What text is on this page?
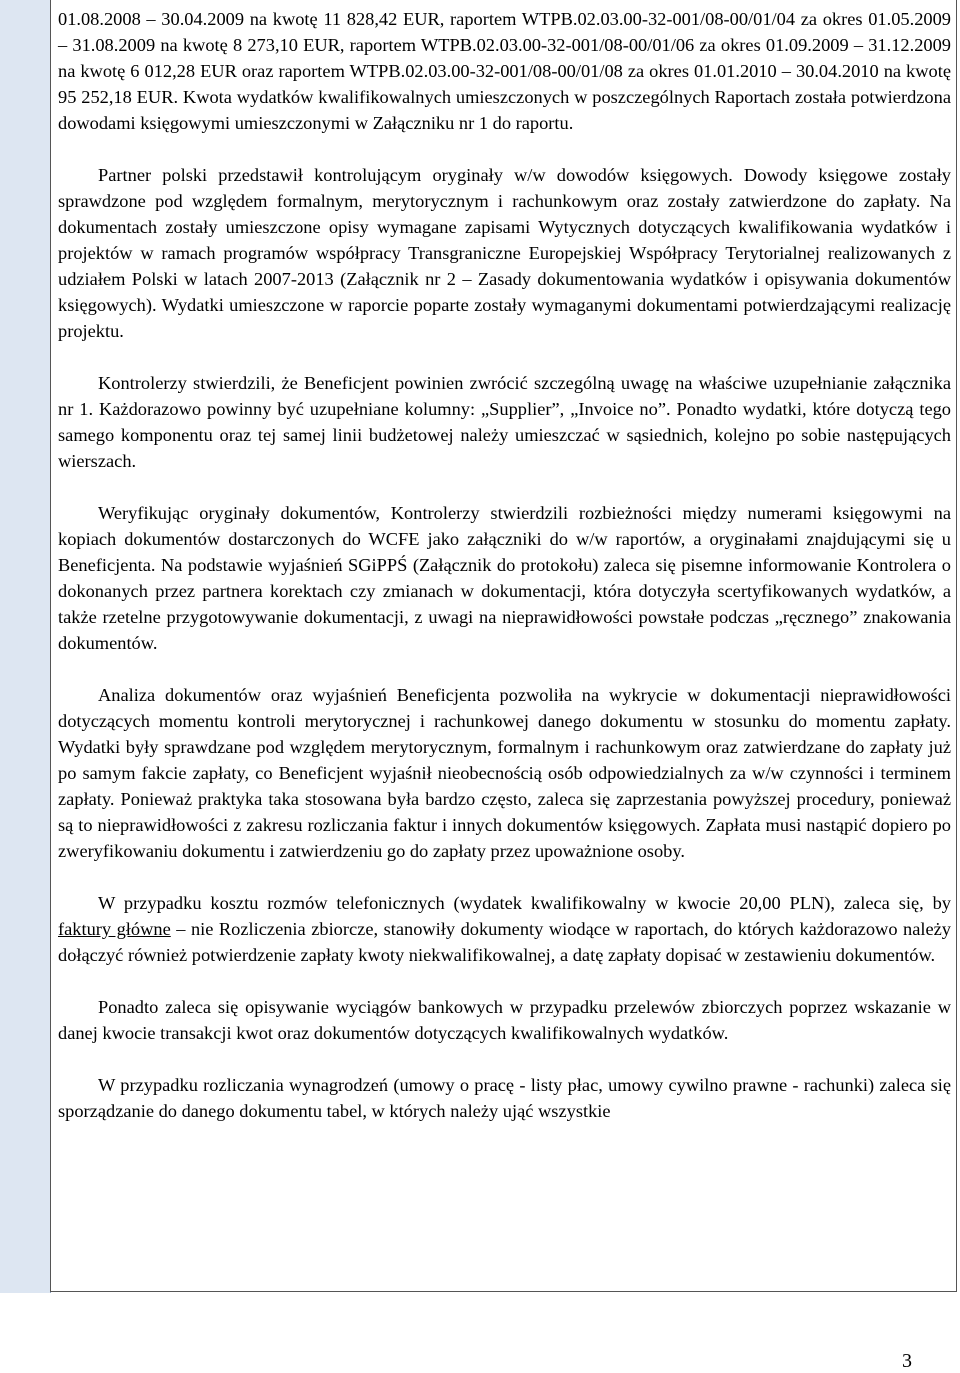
01.08.2008 – 30.04.2009 na kwotę 11 828,42 EUR, raportem WTPB.02.03.00-32-001/08-00/01/04 za okres 01.05.2009 – 31.08.2009 na kwotę 8 273,10 EUR, raportem WTPB.02.03.00-32-001/08-00/01/06 za okres 01.09.2009 – 31.12.2009 na kwotę 6 012,28 EUR oraz raportem WTPB.02.03.00-32-001/08-00/01/08 za okres 01.01.2010 – 30.04.2010 na kwotę 95 252,18 EUR. Kwota wydatków kwalifikowalnych umieszczonych w poszczególnych Raportach została potwierdzona dowodami księgowymi umieszczonymi w Załączniku nr 1 do raportu.

Partner polski przedstawił kontrolującym oryginały w/w dowodów księgowych. Dowody księgowe zostały sprawdzone pod względem formalnym, merytorycznym i rachunkowym oraz zostały zatwierdzone do zapłaty. Na dokumentach zostały umieszczone opisy wymagane zapisami Wytycznych dotyczących kwalifikowania wydatków i projektów w ramach programów współpracy Transgraniczne Europejskiej Współpracy Terytorialnej realizowanych z udziałem Polski w latach 2007-2013 (Załącznik nr 2 – Zasady dokumentowania wydatków i opisywania dokumentów księgowych). Wydatki umieszczone w raporcie poparte zostały wymaganymi dokumentami potwierdzającymi realizację projektu.

Kontrolerzy stwierdzili, że Beneficjent powinien zwrócić szczególną uwagę na właściwe uzupełnianie załącznika nr 1. Każdorazowo powinny być uzupełniane kolumny: „Supplier”, „Invoice no”. Ponadto wydatki, które dotyczą tego samego komponentu oraz tej samej linii budżetowej należy umieszczać w sąsiednich, kolejno po sobie następujących wierszach.

Weryfikując oryginały dokumentów, Kontrolerzy stwierdzili rozbieżności między numerami księgowymi na kopiach dokumentów dostarczonych do WCFE jako załączniki do w/w raportów, a oryginałami znajdującymi się u Beneficjenta. Na podstawie wyjaśnień SGiPPŚ (Załącznik do protokołu) zaleca się pisemne informowanie Kontrolera o dokonanych przez partnera korektach czy zmianach w dokumentacji, która dotyczyła scertyfikowanych wydatków, a także rzetelne przygotowywanie dokumentacji, z uwagi na nieprawidłowości powstałe podczas „ręcznego” znakowania dokumentów.

Analiza dokumentów oraz wyjaśnień Beneficjenta pozwoliła na wykrycie w dokumentacji nieprawidłowości dotyczących momentu kontroli merytorycznej i rachunkowej danego dokumentu w stosunku do momentu zapłaty. Wydatki były sprawdzane pod względem merytorycznym, formalnym i rachunkowym oraz zatwierdzane do zapłaty już po samym fakcie zapłaty, co Beneficjent wyjaśnił nieobecnością osób odpowiedzialnych za w/w czynności i terminem zapłaty. Ponieważ praktyka taka stosowana była bardzo często, zaleca się zaprzestania powyższej procedury, ponieważ są to nieprawidłowości z zakresu rozliczania faktur i innych dokumentów księgowych. Zapłata musi nastąpić dopiero po zweryfikowaniu dokumentu i zatwierdzeniu go do zapłaty przez upoważnione osoby.

W przypadku kosztu rozmów telefonicznych (wydatek kwalifikowalny w kwocie 20,00 PLN), zaleca się, by faktury główne – nie Rozliczenia zbiorcze, stanowiły dokumenty wiodące w raportach, do których każdorazowo należy dołączyć również potwierdzenie zapłaty kwoty niekwalifikowalnej, a datę zapłaty dopisać w zestawieniu dokumentów.

Ponadto zaleca się opisywanie wyciągów bankowych w przypadku przelewów zbiorczych poprzez wskazanie w danej kwocie transakcji kwot oraz dokumentów dotyczących kwalifikowalnych wydatków.

W przypadku rozliczania wynagrodzeń (umowy o pracę - listy płac, umowy cywilno prawne - rachunki) zaleca się sporządzanie do danego dokumentu tabel, w których należy ująć wszystkie

3
